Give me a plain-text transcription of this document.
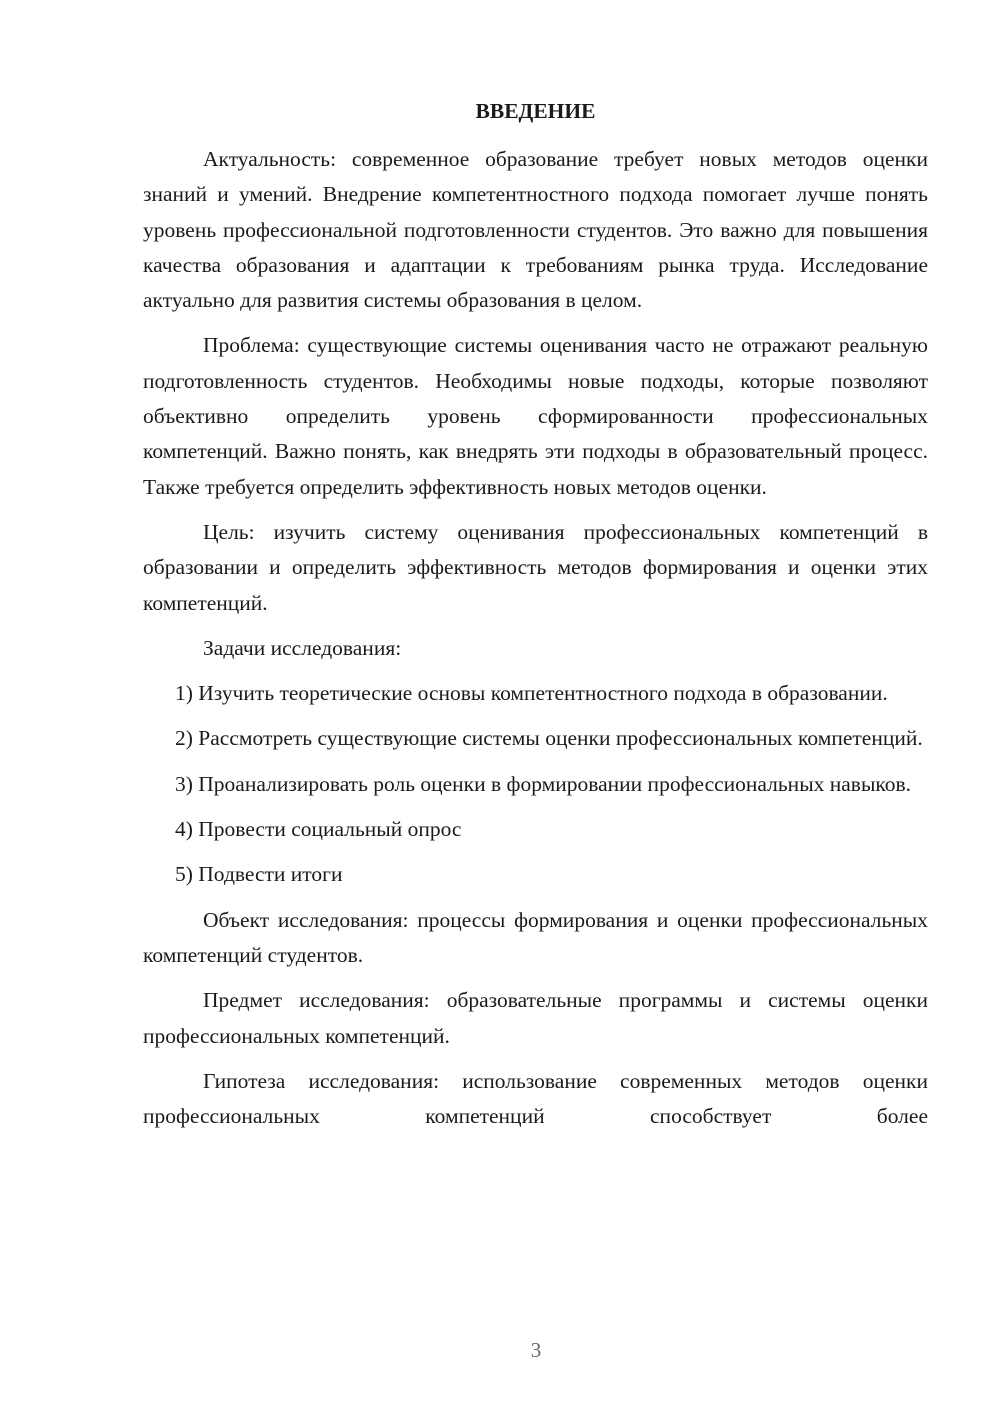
ВВЕДЕНИЕ

Актуальность: современное образование требует новых методов оценки знаний и умений. Внедрение компетентностного подхода помогает лучше понять уровень профессиональной подготовленности студентов. Это важно для повышения качества образования и адаптации к требованиям рынка труда. Исследование актуально для развития системы образования в целом.

Проблема: существующие системы оценивания часто не отражают реальную подготовленность студентов. Необходимы новые подходы, которые позволяют объективно определить уровень сформированности профессиональных компетенций. Важно понять, как внедрять эти подходы в образовательный процесс. Также требуется определить эффективность новых методов оценки.

Цель: изучить систему оценивания профессиональных компетенций в образовании и определить эффективность методов формирования и оценки этих компетенций.

Задачи исследования:

1) Изучить теоретические основы компетентностного подхода в образовании.

2) Рассмотреть существующие системы оценки профессиональных компетенций.

3) Проанализировать роль оценки в формировании профессиональных навыков.

4) Провести социальный опрос

5) Подвести итоги

Объект исследования: процессы формирования и оценки профессиональных компетенций студентов.

Предмет исследования: образовательные программы и системы оценки профессиональных компетенций.

Гипотеза исследования: использование современных методов оценки профессиональных компетенций способствует более

3
